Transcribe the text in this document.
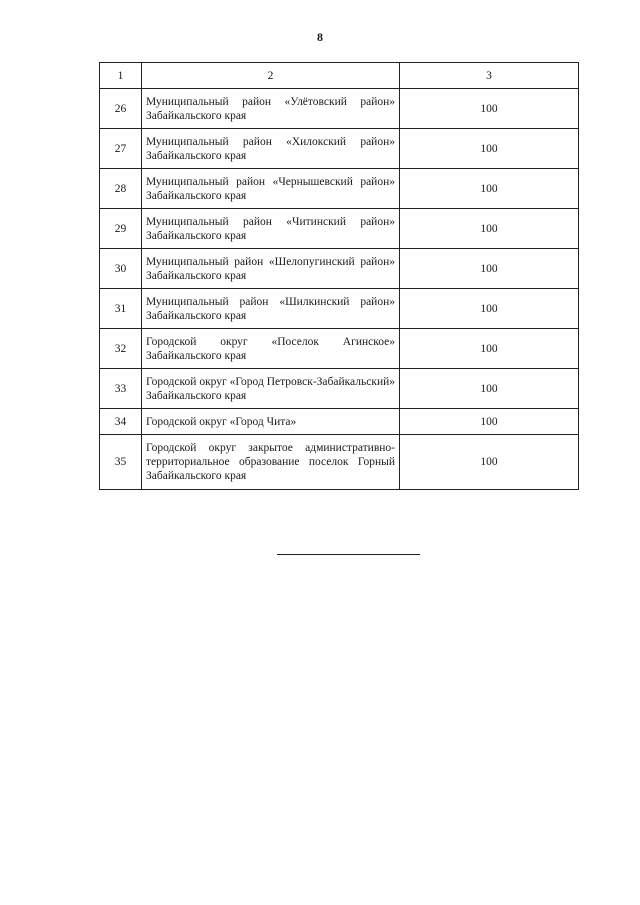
8
1	2	3
26	Муниципальный район «Улётовский район» Забайкальского края	100
27	Муниципальный район «Хилокский район» Забайкальского края	100
28	Муниципальный район «Чернышевский район» Забайкальского края	100
29	Муниципальный район «Читинский район» Забайкальского края	100
30	Муниципальный район «Шелопугинский район» Забайкальского края	100
31	Муниципальный район «Шилкинский район» Забайкальского края	100
32	Городской округ «Поселок Агинское» Забайкальского края	100
33	Городской округ «Город Петровск-Забайкальский» Забайкальского края	100
34	Городской округ «Город Чита»	100
35	Городской округ закрытое административно-территориальное образование поселок Горный Забайкальского края	100
